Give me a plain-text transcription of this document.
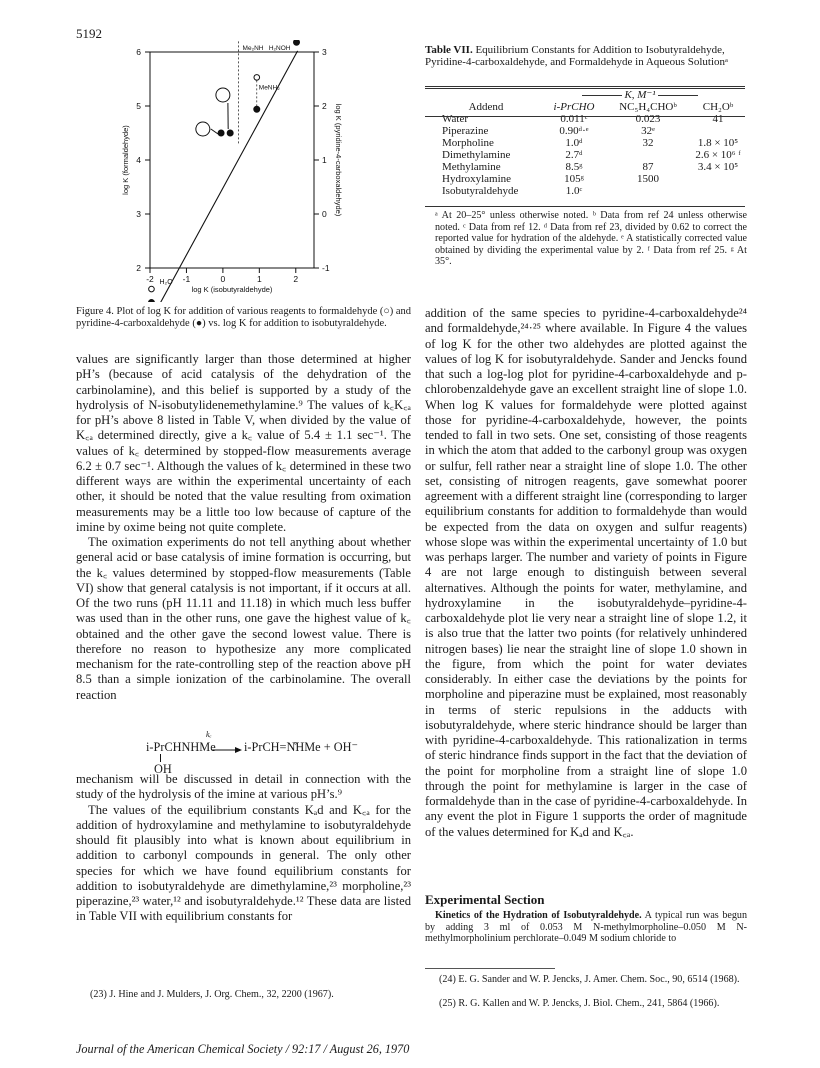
5192
-2	-1	0	1	2
2
3
4
5
6
-1
0
1
2
3
log K (isobutyraldehyde)
log K (formaldehyde)	log K (pyridine-4-carboxaldehyde)
Me₂NH H₂NOH
MeNH₂
H₂O
Figure 4. Plot of log K for addition of various reagents to formaldehyde (○) and pyridine-4-carboxaldehyde (●) vs. log K for addition to isobutyraldehyde.

values are significantly larger than those determined at higher pH’s (because of acid catalysis of the dehydration of the carbinolamine), and this belief is supported by a study of the hydrolysis of N-isobutylidenemethylamine.⁹ The values of k꜀K꜀ₐ for pH’s above 8 listed in Table V, when divided by the value of K꜀ₐ determined directly, give a k꜀ value of 5.4 ± 1.1 sec⁻¹. The values of k꜀ determined by stopped-flow measurements average 6.2 ± 0.7 sec⁻¹. Although the values of k꜀ determined in these two different ways are within the experimental uncertainty of each other, it should be noted that the value resulting from oximation measurements may be a little too low because of capture of the imine by oxime being not quite complete.

The oximation experiments do not tell anything about whether general acid or base catalysis of imine formation is occurring, but the k꜀ values determined by stopped-flow measurements (Table VI) show that general catalysis is not important, if it occurs at all. Of the two runs (pH 11.11 and 11.18) in which much less buffer was used than in the other runs, one gave the highest value of k꜀ obtained and the other gave the second lowest value. There is therefore no reason to hypothesize any more complicated mechanism for the rate-controlling step of the reaction above pH 8.5 than a simple ionization of the carbinolamine. The overall reaction

kₑ
i-PrCHNHMe → i-PrCH=N̊HMe + OH⁻
OH

mechanism will be discussed in detail in connection with the study of the hydrolysis of the imine at various pH’s.⁹

The values of the equilibrium constants Kₐd and K꜀ₐ for the addition of hydroxylamine and methylamine to isobutyraldehyde should fit plausibly into what is known about equilibrium in addition to carbonyl compounds in general. The only other species for which we have found equilibrium constants for addition to isobutyraldehyde are dimethylamine,²³ morpholine,²³ piperazine,²³ water,¹² and isobutyraldehyde.¹² These data are listed in Table VII with equilibrium constants for

(23) J. Hine and J. Mulders, J. Org. Chem., 32, 2200 (1967).
Table VII. Equilibrium Constants for Addition to Isobutyraldehyde, Pyridine-4-carboxaldehyde, and Formaldehyde in Aqueous Solutionᵃ
K, M⁻¹
Addend	i-PrCHO	NC₅H₄CHOᵇ	CH₂Oᵇ
Water	0.011ᶜ	0.023	41
Piperazine	0.90ᵈ·ᵉ	32ᵉ	
Morpholine	1.0ᵈ	32	1.8 × 10⁵
Dimethylamine	2.7ᵈ		2.6 × 10⁶ ᶠ
Methylamine	8.5ᵍ	87	3.4 × 10⁵
Hydroxylamine	105ᵍ	1500	
Isobutyraldehyde	1.0ᶜ		
ᵃ At 20–25° unless otherwise noted. ᵇ Data from ref 24 unless otherwise noted. ᶜ Data from ref 12. ᵈ Data from ref 23, divided by 0.62 to correct the reported value for hydration of the aldehyde. ᵉ A statistically corrected value obtained by dividing the experimental value by 2. ᶠ Data from ref 25. ᵍ At 35°.

addition of the same species to pyridine-4-carboxaldehyde²⁴ and formaldehyde,²⁴·²⁵ where available. In Figure 4 the values of log K for the other two aldehydes are plotted against the values of log K for isobutyraldehyde. Sander and Jencks found that such a log-log plot for pyridine-4-carboxaldehyde and p-chlorobenzaldehyde gave an excellent straight line of slope 1.0. When log K values for formaldehyde were plotted against those for pyridine-4-carboxaldehyde, however, the points tended to fall in two sets. One set, consisting of those reagents in which the atom that added to the carbonyl group was oxygen or sulfur, fell rather near a straight line of slope 1.0. The other set, consisting of nitrogen reagents, gave somewhat poorer agreement with a different straight line (corresponding to larger equilibrium constants for addition to formaldehyde than would be expected from the data on oxygen and sulfur reagents) whose slope was within the experimental uncertainty of 1.0 but was perhaps larger. The number and variety of points in Figure 4 are not large enough to distinguish between several alternatives. Although the points for water, methylamine, and hydroxylamine in the isobutyraldehyde–pyridine-4-carboxaldehyde plot lie very near a straight line of slope 1.2, it is also true that the latter two points (for relatively unhindered nitrogen bases) lie near the straight line of slope 1.0 shown in the figure, from which the point for water deviates considerably. In either case the deviations by the points for morpholine and piperazine must be explained, most reasonably in terms of steric repulsions in the adducts with isobutyraldehyde, where steric hindrance should be larger than with pyridine-4-carboxaldehyde. This rationalization in terms of steric hindrance finds support in the fact that the deviation of the point for morpholine from a straight line of slope 1.0 through the point for methylamine is larger in the case of formaldehyde than in the case of pyridine-4-carboxaldehyde. In any event the plot in Figure 1 supports the order of magnitude of the values determined for Kₐd and K꜀ₐ.

Experimental Section
Kinetics of the Hydration of Isobutyraldehyde. A typical run was begun by adding 3 ml of 0.053 M N-methylmorpholine–0.050 M N-methylmorpholinium perchlorate–0.049 M sodium chloride to
(24) E. G. Sander and W. P. Jencks, J. Amer. Chem. Soc., 90, 6514 (1968).
(25) R. G. Kallen and W. P. Jencks, J. Biol. Chem., 241, 5864 (1966).
Journal of the American Chemical Society / 92:17 / August 26, 1970
